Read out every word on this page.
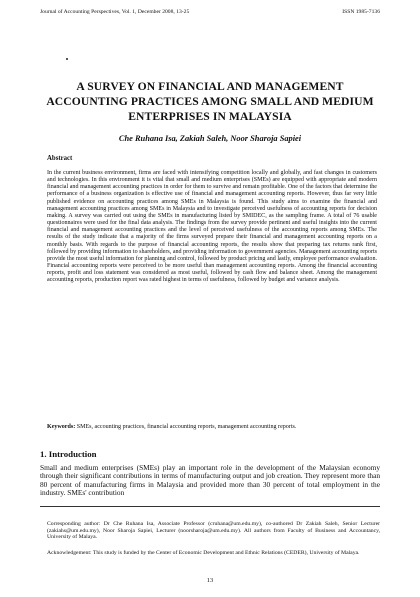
Journal of Accounting Perspectives, Vol. 1, December 2008, 13-25	ISSN 1985-7136
A SURVEY ON FINANCIAL AND MANAGEMENT ACCOUNTING PRACTICES AMONG SMALL AND MEDIUM ENTERPRISES IN MALAYSIA
Che Ruhana Isa, Zakiah Saleh, Noor Sharoja Sapiei
Abstract
In the current business environment, firms are faced with intensifying competition locally and globally, and fast changes in customers and technologies. In this environment it is vital that small and medium enterprises (SMEs) are equipped with appropriate and modern financial and management accounting practices in order for them to survive and remain profitable. One of the factors that determine the performance of a business organization is effective use of financial and management accounting reports. However, thus far very little published evidence on accounting practices among SMEs in Malaysia is found. This study aims to examine the financial and management accounting practices among SMEs in Malaysia and to investigate perceived usefulness of accounting reports for decision making. A survey was carried out using the SMEs in manufacturing listed by SMIDEC, as the sampling frame. A total of 76 usable questionnaires were used for the final data analysis. The findings from the survey provide pertinent and useful insights into the current financial and management accounting practices and the level of perceived usefulness of the accounting reports among SMEs. The results of the study indicate that a majority of the firms surveyed prepare their financial and management accounting reports on a monthly basis. With regards to the purpose of financial accounting reports, the results show that preparing tax returns rank first, followed by providing information to shareholders, and providing information to government agencies. Management accounting reports provide the most useful information for planning and control, followed by product pricing and lastly, employee performance evaluation. Financial accounting reports were perceived to be more useful than management accounting reports. Among the financial accounting reports, profit and loss statement was considered as most useful, followed by cash flow and balance sheet. Among the management accounting reports, production report was rated highest in terms of usefulness, followed by budget and variance analysis.
Keywords: SMEs, accounting practices, financial accounting reports, management accounting reports.
1. Introduction
Small and medium enterprises (SMEs) play an important role in the development of the Malaysian economy through their significant contributions in terms of manufacturing output and job creation. They represent more than 80 percent of manufacturing firms in Malaysia and provided more than 30 percent of total employment in the industry. SMEs' contribution
Corresponding author: Dr Che Ruhana Isa, Associate Professor (cruhana@um.edu.my), co-authored Dr Zakiah Saleh, Senior Lecturer (zakiahs@um.edu.my), Noor Sharoja Sapiei, Lecturer (noorsharoja@um.edu.my). All authors from Faculty of Business and Accountancy, University of Malaya.
Acknowledgement: This study is funded by the Center of Economic Development and Ethnic Relations (CEDER), University of Malaya.
13
